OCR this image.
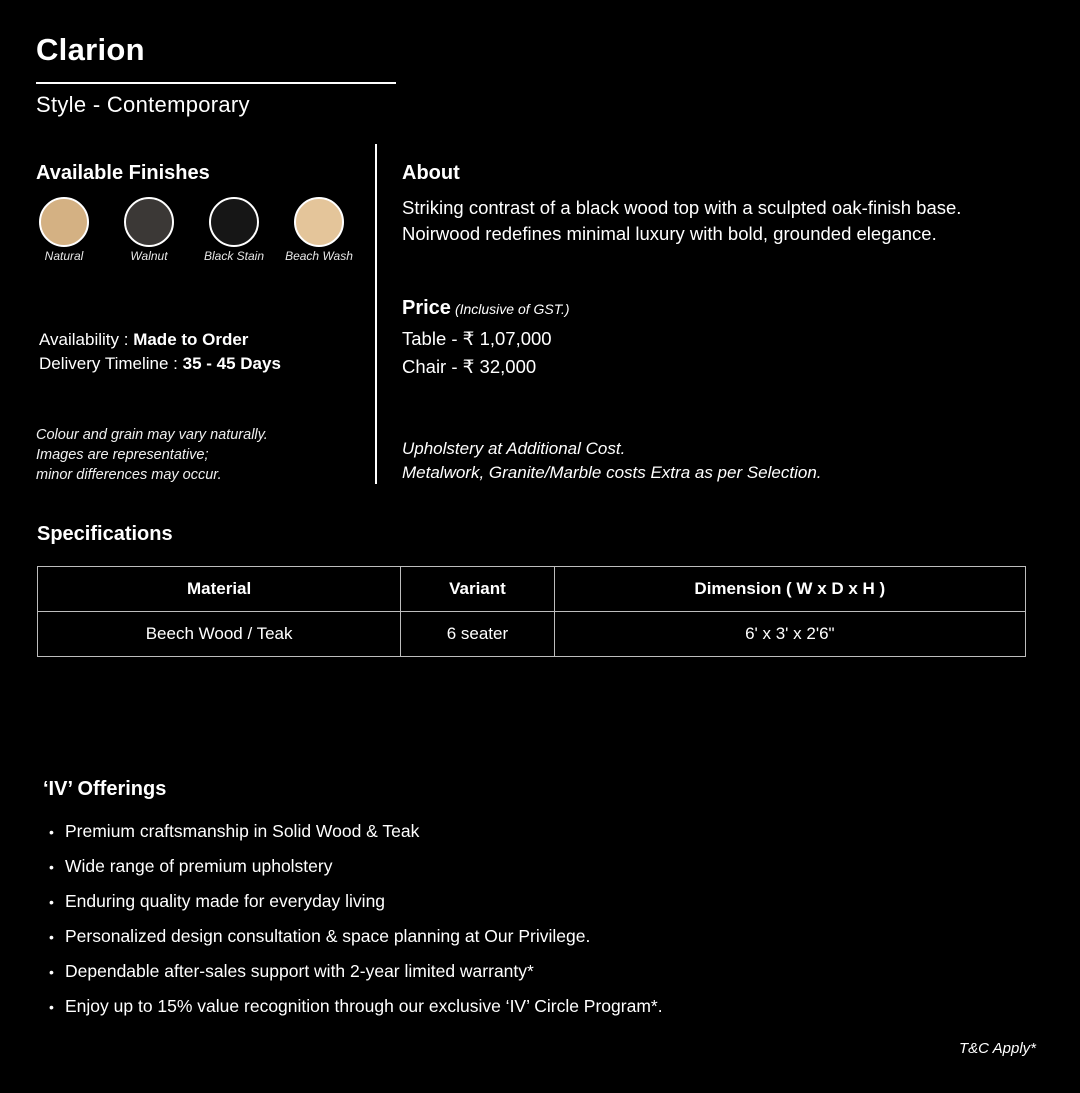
Clarion
Style - Contemporary
Available Finishes
Natural	Walnut	Black Stain	Beach Wash
Availability : Made to Order
Delivery Timeline : 35 - 45 Days
Colour and grain may vary naturally.
Images are representative;
minor differences may occur.
About
Striking contrast of a black wood top with a sculpted oak-finish base. Noirwood redefines minimal luxury with bold, grounded elegance.
Price (Inclusive of GST.)
Table - ₹ 1,07,000
Chair - ₹ 32,000
Upholstery at Additional Cost.
Metalwork, Granite/Marble costs Extra as per Selection.
Specifications
Material	Variant	Dimension ( W x D x H )
Beech Wood / Teak	6 seater	6' x 3' x 2'6"
‘IV’ Offerings
• Premium craftsmanship in Solid Wood & Teak
• Wide range of premium upholstery
• Enduring quality made for everyday living
• Personalized design consultation & space planning at Our Privilege.
• Dependable after-sales support with 2-year limited warranty*
• Enjoy up to 15% value recognition through our exclusive ‘IV’ Circle Program*.
T&C Apply*
